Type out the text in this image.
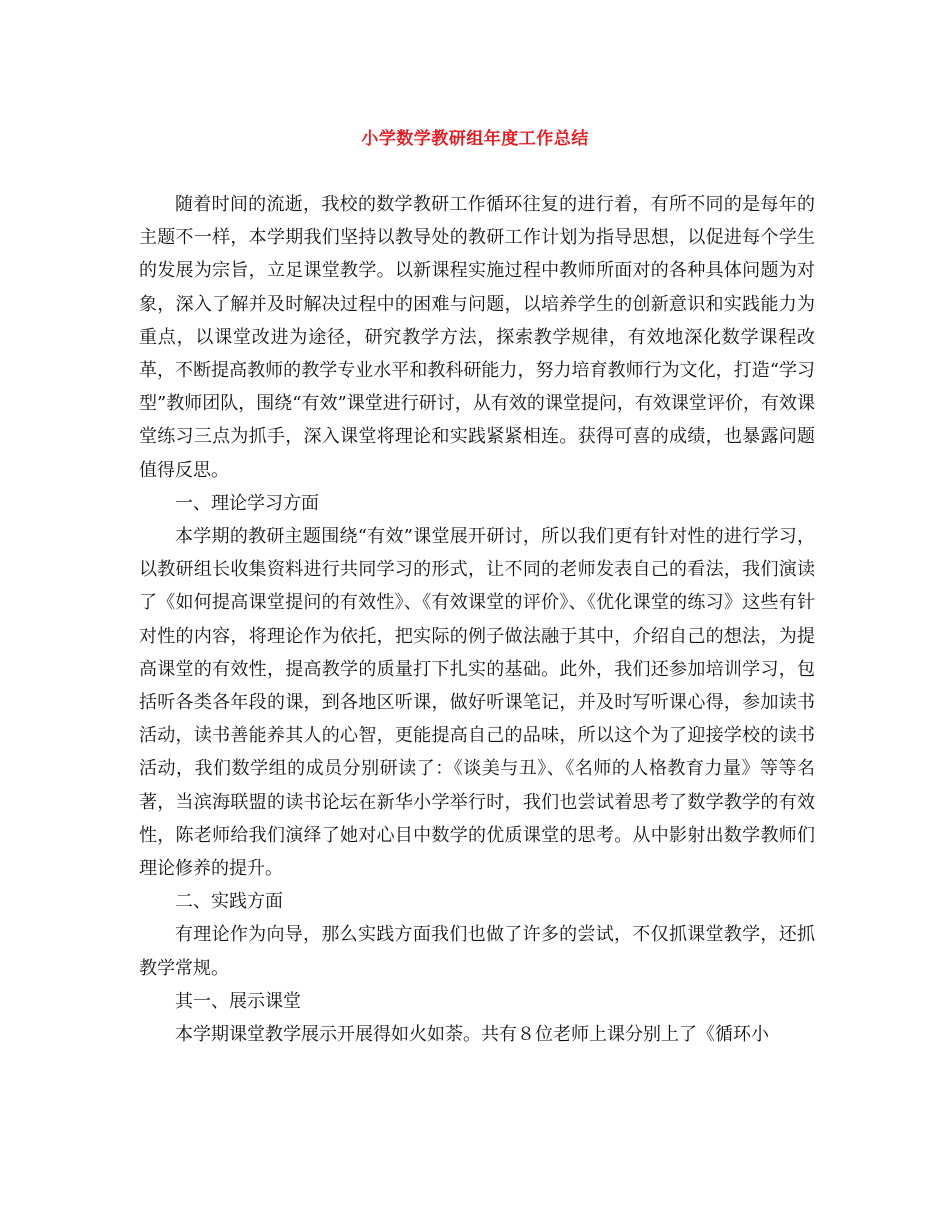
小学数学教研组年度工作总结

随着时间的流逝，我校的数学教研工作循环往复的进行着，有所不同的是每年的主题不一样，本学期我们坚持以教导处的教研工作计划为指导思想，以促进每个学生的发展为宗旨，立足课堂教学。以新课程实施过程中教师所面对的各种具体问题为对象，深入了解并及时解决过程中的困难与问题，以培养学生的创新意识和实践能力为重点，以课堂改进为途径，研究教学方法，探索教学规律，有效地深化数学课程改革，不断提高教师的教学专业水平和教科研能力，努力培育教师行为文化，打造“学习型”教师团队，围绕“有效”课堂进行研讨，从有效的课堂提问，有效课堂评价，有效课堂练习三点为抓手，深入课堂将理论和实践紧紧相连。获得可喜的成绩，也暴露问题值得反思。

一、理论学习方面

本学期的教研主题围绕“有效”课堂展开研讨，所以我们更有针对性的进行学习，以教研组长收集资料进行共同学习的形式，让不同的老师发表自己的看法，我们演读了《如何提高课堂提问的有效性》、《有效课堂的评价》、《优化课堂的练习》这些有针对性的内容，将理论作为依托，把实际的例子做法融于其中，介绍自己的想法，为提高课堂的有效性，提高教学的质量打下扎实的基础。此外，我们还参加培训学习，包括听各类各年段的课，到各地区听课，做好听课笔记，并及时写听课心得，参加读书活动，读书善能养其人的心智，更能提高自己的品味，所以这个为了迎接学校的读书活动，我们数学组的成员分别研读了：《谈美与丑》、《名师的人格教育力量》等等名著，当滨海联盟的读书论坛在新华小学举行时，我们也尝试着思考了数学教学的有效性，陈老师给我们演绎了她对心目中数学的优质课堂的思考。从中影射出数学教师们理论修养的提升。

二、实践方面

有理论作为向导，那么实践方面我们也做了许多的尝试，不仅抓课堂教学，还抓教学常规。

其一、展示课堂

本学期课堂教学展示开展得如火如荼。共有８位老师上课分别上了《循环小
